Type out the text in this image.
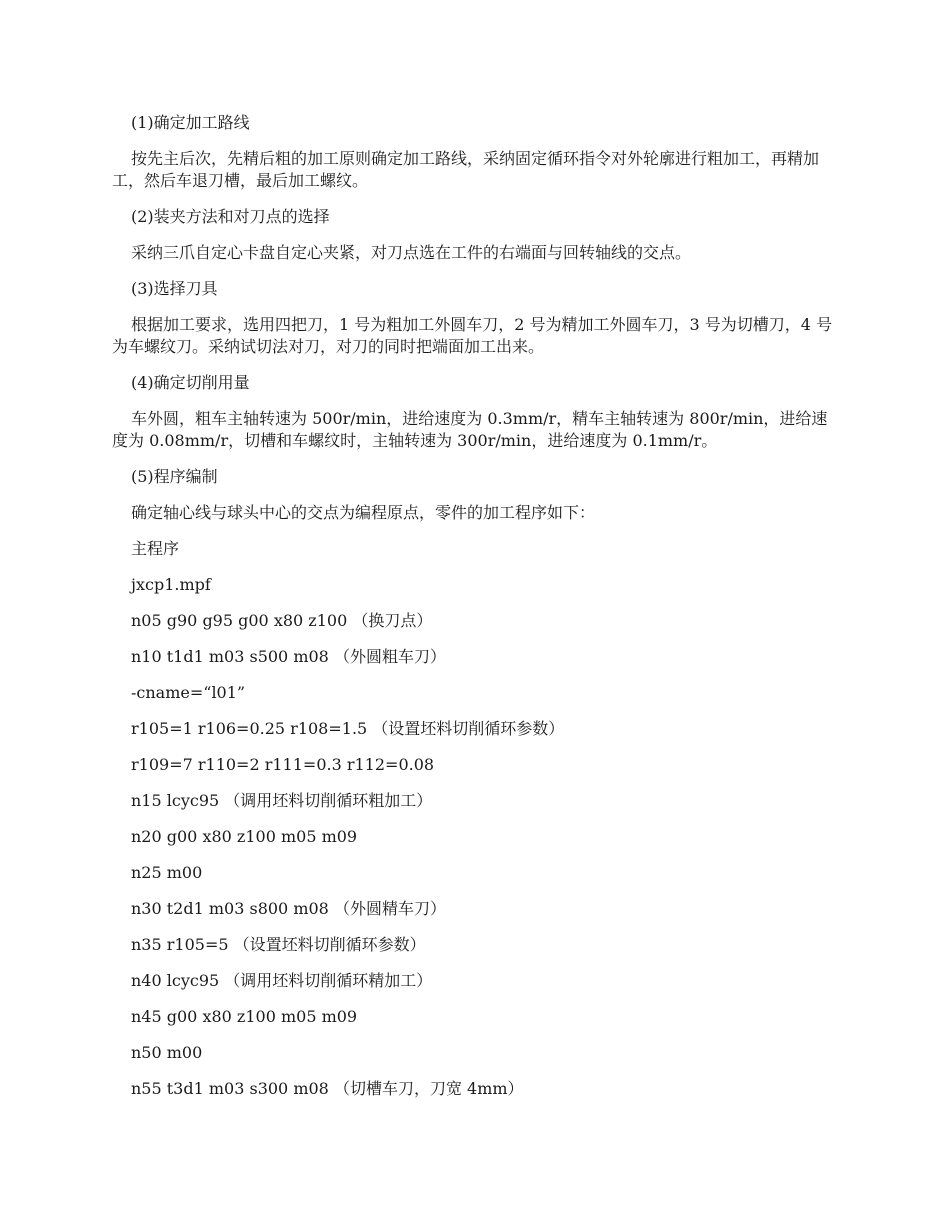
(1)确定加工路线

按先主后次，先精后粗的加工原则确定加工路线，采纳固定循环指令对外轮廓进行粗加工，再精加工，然后车退刀槽，最后加工螺纹。

(2)装夹方法和对刀点的选择

采纳三爪自定心卡盘自定心夹紧，对刀点选在工件的右端面与回转轴线的交点。

(3)选择刀具

根据加工要求，选用四把刀，1 号为粗加工外圆车刀，2 号为精加工外圆车刀，3 号为切槽刀，4 号为车螺纹刀。采纳试切法对刀，对刀的同时把端面加工出来。

(4)确定切削用量

车外圆，粗车主轴转速为 500r/min，进给速度为 0.3mm/r，精车主轴转速为 800r/min，进给速度为 0.08mm/r，切槽和车螺纹时，主轴转速为 300r/min，进给速度为 0.1mm/r。

(5)程序编制

确定轴心线与球头中心的交点为编程原点，零件的加工程序如下：

主程序

jxcp1.mpf

n05 g90 g95 g00 x80 z100 （换刀点）

n10 t1d1 m03 s500 m08 （外圆粗车刀）

-cname=“l01”

r105=1 r106=0.25 r108=1.5 （设置坯料切削循环参数）

r109=7 r110=2 r111=0.3 r112=0.08

n15 lcyc95 （调用坯料切削循环粗加工）

n20 g00 x80 z100 m05 m09

n25 m00

n30 t2d1 m03 s800 m08 （外圆精车刀）

n35 r105=5 （设置坯料切削循环参数）

n40 lcyc95 （调用坯料切削循环精加工）

n45 g00 x80 z100 m05 m09

n50 m00

n55 t3d1 m03 s300 m08 （切槽车刀，刀宽 4mm）
